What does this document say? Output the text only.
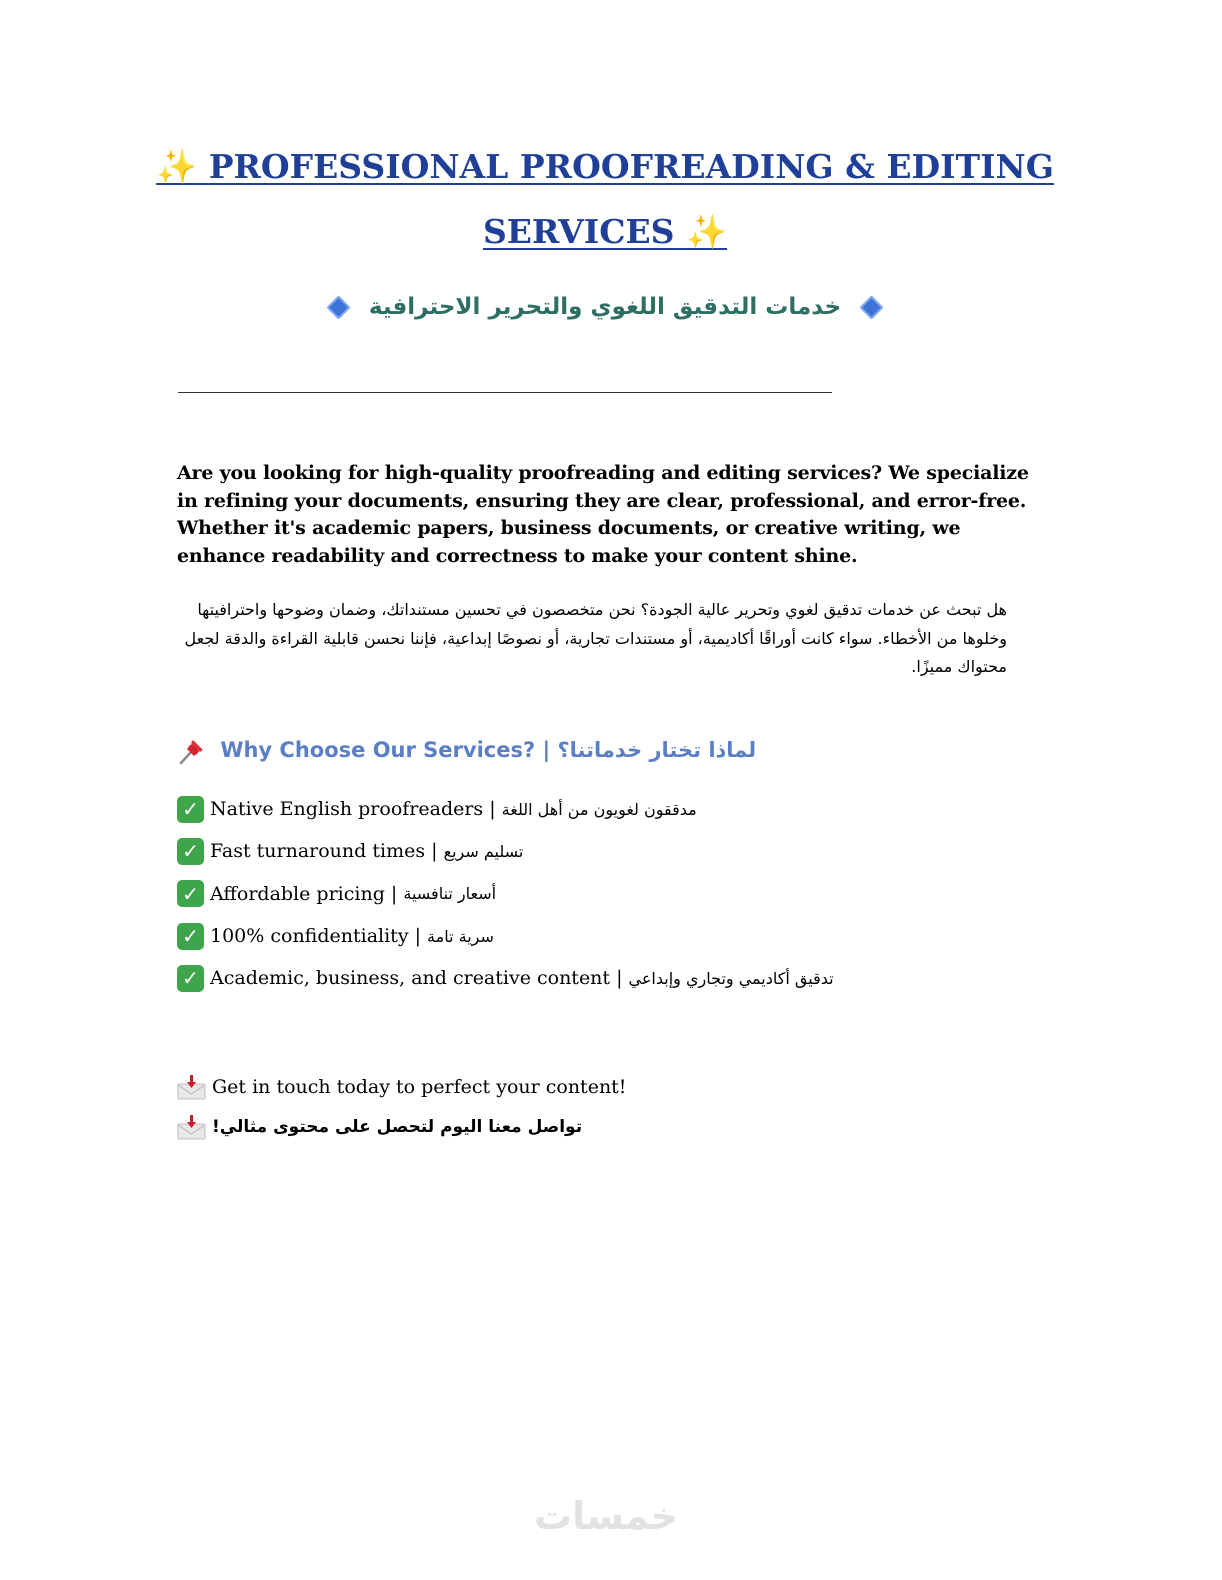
✨ PROFESSIONAL PROOFREADING & EDITING
SERVICES ✨
خدمات التدقيق اللغوي والتحرير الاحترافية

Are you looking for high-quality proofreading and editing services? We specialize in refining your documents, ensuring they are clear, professional, and error-free. Whether it's academic papers, business documents, or creative writing, we enhance readability and correctness to make your content shine.

هل تبحث عن خدمات تدقيق لغوي وتحرير عالية الجودة؟ نحن متخصصون في تحسين مستنداتك، وضمان وضوحها واحترافيتها وخلوها من الأخطاء. سواء كانت أوراقًا أكاديمية، أو مستندات تجارية، أو نصوصًا إبداعية، فإننا نحسن قابلية القراءة والدقة لجعل محتواك مميزًا.

Why Choose Our Services? | لماذا تختار خدماتنا؟
✓ Native English proofreaders |
مدققون لغويون من أهل اللغة
✓ Fast turnaround times |
تسليم سريع
✓ Affordable pricing |
أسعار تنافسية
✓ 100% confidentiality |
سرية تامة
✓ Academic, business, and creative content |
تدقيق أكاديمي وتجاري وإبداعي
Get in touch today to perfect your content!
تواصل معنا اليوم لتحصل على محتوى مثالي!
خمسات
